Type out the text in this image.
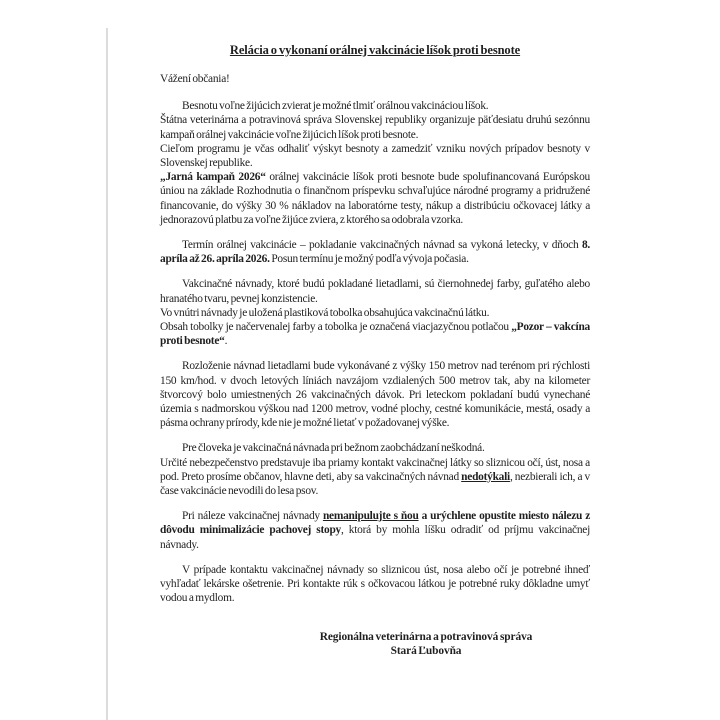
Relácia o vykonaní orálnej vakcinácie líšok proti besnote
Vážení občania!
Besnotu voľne žijúcich zvierat je možné tlmiť orálnou vakcináciou líšok.
Štátna veterinárna a potravinová správa Slovenskej republiky organizuje päťdesiatu druhú sezónnu kampaň orálnej vakcinácie voľne žijúcich líšok proti besnote.
Cieľom programu je včas odhaliť výskyt besnoty a zamedziť vzniku nových prípadov besnoty v Slovenskej republike.
„Jarná kampaň 2026“ orálnej vakcinácie líšok proti besnote bude spolufinancovaná Európskou úniou na základe Rozhodnutia o finančnom príspevku schvaľujúce národné programy a pridružené financovanie, do výšky 30 % nákladov na laboratórne testy, nákup a distribúciu očkovacej látky a jednorazovú platbu za voľne žijúce zviera, z ktorého sa odobrala vzorka.
Termín orálnej vakcinácie – pokladanie vakcinačných návnad sa vykoná letecky, v dňoch 8. apríla až 26. apríla 2026. Posun termínu je možný podľa vývoja počasia.
Vakcinačné návnady, ktoré budú pokladané lietadlami, sú čiernohnedej farby, guľatého alebo hranatého tvaru, pevnej konzistencie.
Vo vnútri návnady je uložená plastiková tobolka obsahujúca vakcinačnú látku.
Obsah tobolky je načervenalej farby a tobolka je označená viacjazyčnou potlačou „Pozor – vakcína proti besnote“.
Rozloženie návnad lietadlami bude vykonávané z výšky 150 metrov nad terénom pri rýchlosti 150 km/hod. v dvoch letových líniách navzájom vzdialených 500 metrov tak, aby na kilometer štvorcový bolo umiestnených 26 vakcinačných dávok. Pri leteckom pokladaní budú vynechané územia s nadmorskou výškou nad 1200 metrov, vodné plochy, cestné komunikácie, mestá, osady a pásma ochrany prírody, kde nie je možné lietať v požadovanej výške.
Pre človeka je vakcinačná návnada pri bežnom zaobchádzaní neškodná.
Určité nebezpečenstvo predstavuje iba priamy kontakt vakcinačnej látky so sliznicou očí, úst, nosa a pod. Preto prosíme občanov, hlavne deti, aby sa vakcinačných návnad nedotýkali, nezbierali ich, a v čase vakcinácie nevodili do lesa psov.
Pri náleze vakcinačnej návnady nemanipulujte s ňou a urýchlene opustite miesto nálezu z dôvodu minimalizácie pachovej stopy, ktorá by mohla líšku odradiť od príjmu vakcinačnej návnady.
V prípade kontaktu vakcinačnej návnady so sliznicou úst, nosa alebo očí je potrebné ihneď vyhľadať lekárske ošetrenie. Pri kontakte rúk s očkovacou látkou je potrebné ruky dôkladne umyť vodou a mydlom.
Regionálna veterinárna a potravinová správa
Stará Ľubovňa
